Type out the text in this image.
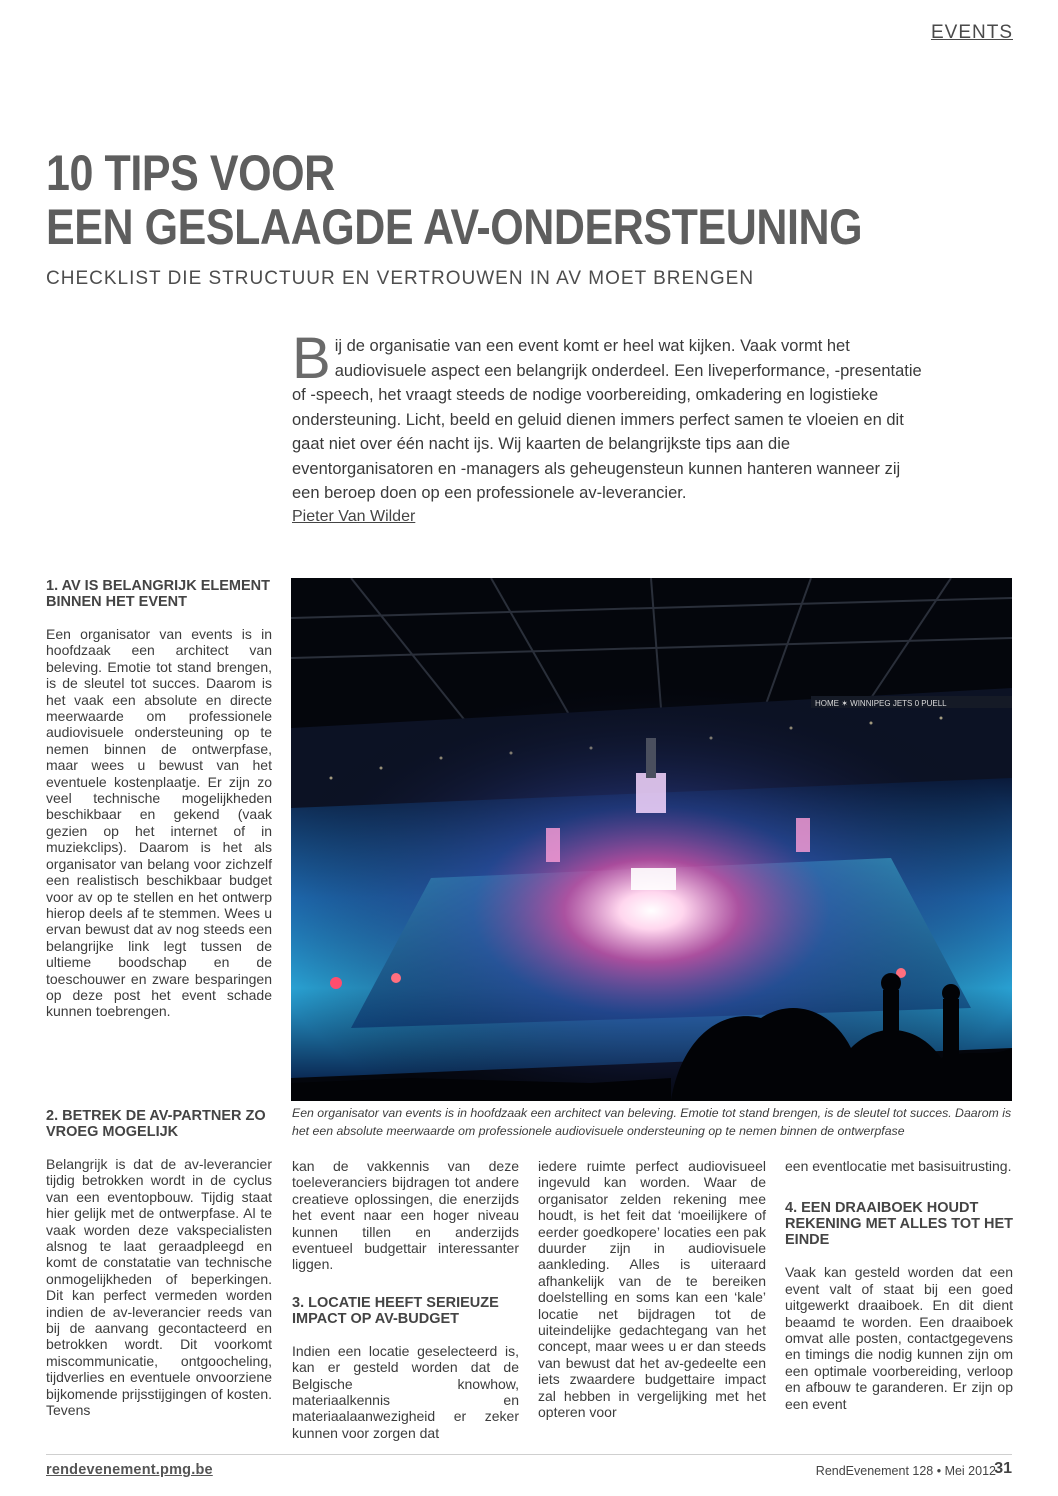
EVENTS
10 TIPS VOOR
EEN GESLAAGDE AV-ONDERSTEUNING
CHECKLIST DIE STRUCTUUR EN VERTROUWEN IN AV MOET BRENGEN
Bij de organisatie van een event komt er heel wat kijken. Vaak vormt het audiovisuele aspect een belangrijk onderdeel. Een liveperformance, -presentatie of -speech, het vraagt steeds de nodige voorbereiding, omkadering en logistieke ondersteuning. Licht, beeld en geluid dienen immers perfect samen te vloeien en dit gaat niet over één nacht ijs. Wij kaarten de belangrijkste tips aan die eventorganisatoren en -managers als geheugensteun kunnen hanteren wanneer zij een beroep doen op een professionele av-leverancier.
Pieter Van Wilder
1. AV IS BELANGRIJK ELEMENT BINNEN HET EVENT

Een organisator van events is in hoofdzaak een architect van beleving. Emotie tot stand brengen, is de sleutel tot succes. Daarom is het vaak een absolute en directe meerwaarde om professionele audiovisuele ondersteuning op te nemen binnen de ontwerpfase, maar wees u bewust van het eventuele kostenplaatje. Er zijn zo veel technische mogelijkheden beschikbaar en gekend (vaak gezien op het internet of in muziekclips). Daarom is het als organisator van belang voor zichzelf een realistisch beschikbaar budget voor av op te stellen en het ontwerp hierop deels af te stemmen. Wees u ervan bewust dat av nog steeds een belangrijke link legt tussen de ultieme boodschap en de toeschouwer en zware besparingen op deze post het event schade kunnen toebrengen.

Een organisator van events is in hoofdzaak een architect van beleving. Emotie tot stand brengen, is de sleutel tot succes. Daarom is het een absolute meerwaarde om professionele audiovisuele ondersteuning op te nemen binnen de ontwerpfase
2. BETREK DE AV-PARTNER ZO VROEG MOGELIJK

Belangrijk is dat de av-leverancier tijdig betrokken wordt in de cyclus van een eventopbouw. Tijdig staat hier gelijk met de ontwerpfase. Al te vaak worden deze vakspecialisten alsnog te laat geraadpleegd en komt de constatatie van technische onmogelijkheden of beperkingen. Dit kan perfect vermeden worden indien de av-leverancier reeds van bij de aanvang gecontacteerd en betrokken wordt. Dit voorkomt miscommunicatie, ontgoocheling, tijdverlies en eventuele onvoorziene bijkomende prijsstijgingen of kosten. Tevens

kan de vakkennis van deze toeleveranciers bijdragen tot andere creatieve oplossingen, die enerzijds het event naar een hoger niveau kunnen tillen en anderzijds eventueel budgettair interessanter liggen.

3. LOCATIE HEEFT SERIEUZE IMPACT OP AV-BUDGET

Indien een locatie geselecteerd is, kan er gesteld worden dat de Belgische knowhow, materiaalkennis en materiaalaanwezigheid er zeker kunnen voor zorgen dat

iedere ruimte perfect audiovisueel ingevuld kan worden. Waar de organisator zelden rekening mee houdt, is het feit dat ‘moeilijkere of eerder goedkopere’ locaties een pak duurder zijn in audiovisuele aankleding. Alles is uiteraard afhankelijk van de te bereiken doelstelling en soms kan een ‘kale’ locatie net bijdragen tot de uiteindelijke gedachtegang van het concept, maar wees u er dan steeds van bewust dat het av-gedeelte een iets zwaardere budgettaire impact zal hebben in vergelijking met het opteren voor

een eventlocatie met basisuitrusting.

4. EEN DRAAIBOEK HOUDT REKENING MET ALLES TOT HET EINDE

Vaak kan gesteld worden dat een event valt of staat bij een goed uitgewerkt draaiboek. En dit dient beaamd te worden. Een draaiboek omvat alle posten, contactgegevens en timings die nodig kunnen zijn om een optimale voorbereiding, verloop en afbouw te garanderen. Er zijn op een event

rendevenement.pmg.be	RendEvenement 128 • Mei 2012
31
